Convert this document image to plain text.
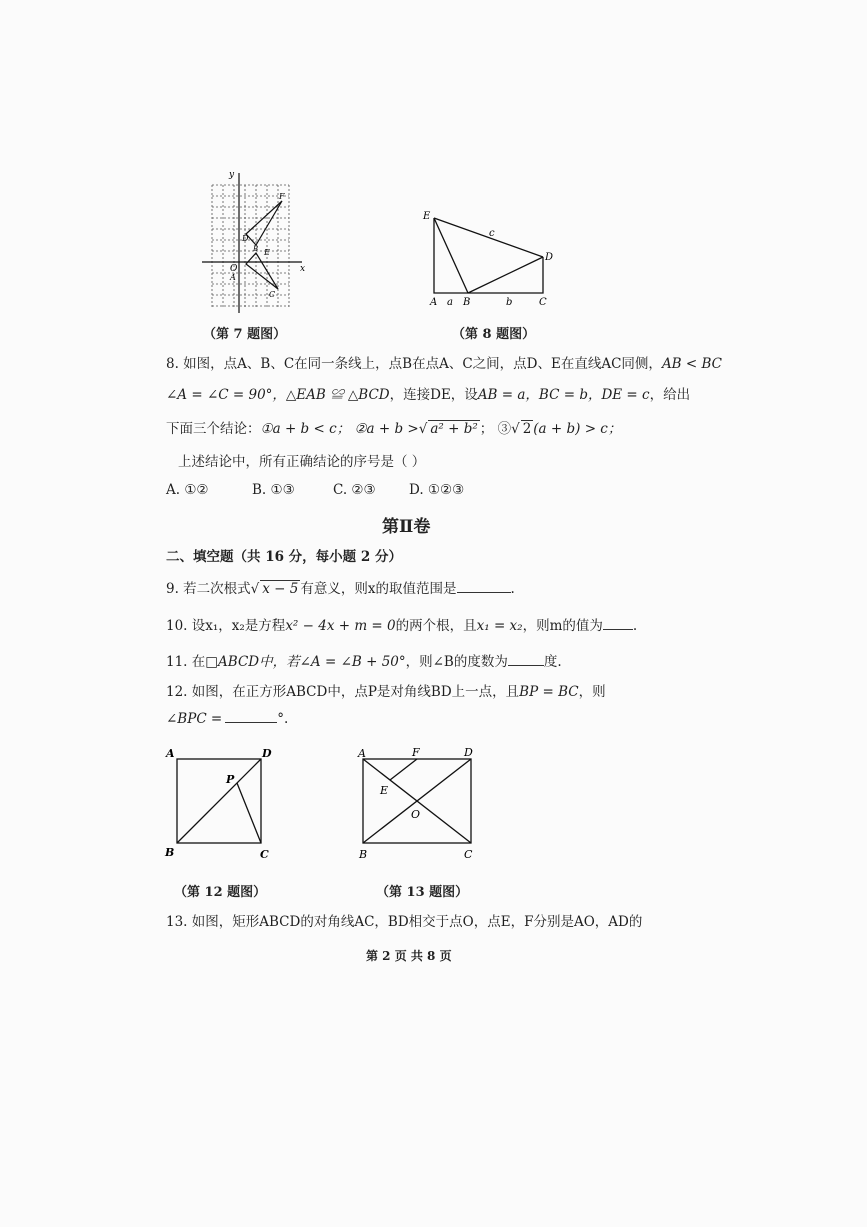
y
x
O
F
D
E
A
C
B
（第 7 题图）
E
c
D
A a B	b	C
（第 8 题图）
8. 如图，点A、B、C在同一条线上，点B在点A、C之间，点D、E在直线AC同侧，AB < BC
∠A = ∠C = 90°，△EAB ≌ △BCD，连接DE，设AB = a，BC = b，DE = c，给出
下面三个结论：①a + b < c； ②a + b >√ a² + b² ； ③√ 2 (a + b) > c；
上述结论中，所有正确结论的序号是（ ）
A. ①②	B. ①③	C. ②③ D. ①②③
第Ⅱ卷
二、填空题（共 16 分，每小题 2 分）
9. 若二次根式√ x − 5 有意义，则x的取值范围是	.
10. 设x₁，x₂是方程x² − 4x + m = 0的两个根，且x₁ = x₂，则m的值为 .
11. 在□ABCD中，若∠A = ∠B + 50°，则∠B的度数为	度.
12. 如图，在正方形ABCD中，点P是对角线BD上一点，且BP = BC，则
∠BPC =	°.
A	D
P
B	C
（第 12 题图）
A	F	D
E
O
B	C
（第 13 题图）
13. 如图，矩形ABCD的对角线AC，BD相交于点O，点E，F分别是AO，AD的
第 2 页 共 8 页
